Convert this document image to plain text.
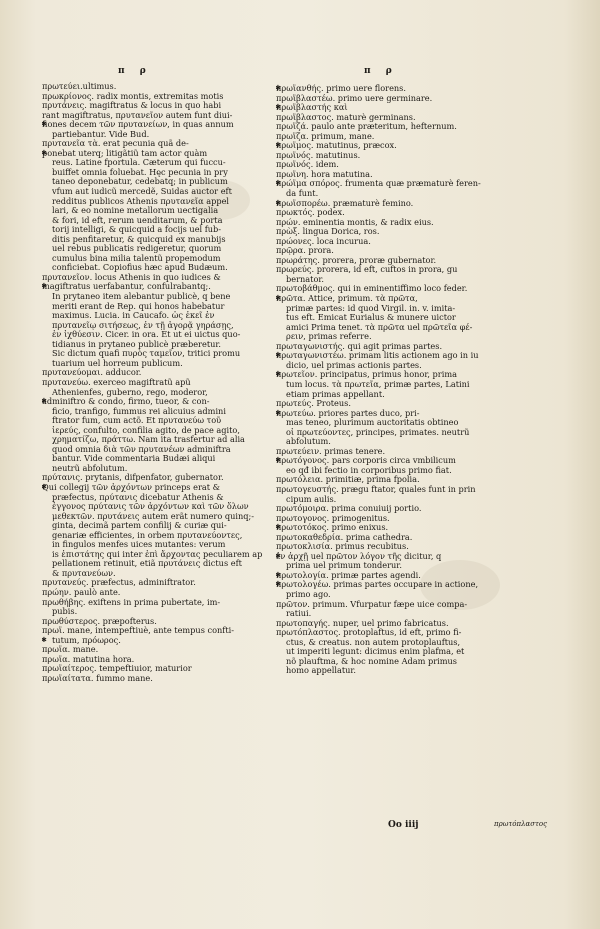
π ρ	π ρ
πρωτεύει.ultimus.
πρωκρίονος. radix montis, extremitas motis
πρυτάνεις. magiftratus & locus in quo habi
rant magiftratus, πρυτανεῖον autem funt diui-
✱ fiones decem τῶν πρυτανείων, in quas annum
partiebantur. Vide Bud.
πρυτανεῖα τὰ. erat pecunia quã de-
✱ ponebat uterq; litigãtiũ tam actor quàm
reus. Latine fportula. Cæterum qui fuccu-
buiffet omnia foluebat. Hęc pecunia in pry
taneo deponebatur, cedebatq; in publicum
vfum aut iudicũ mercedẽ, Suidas auctor eft
redditus publicos Athenis πρυτανεῖα appel
lari, & eo nomine metallorum uectigalia
& fori, id eft, rerum uenditarum, & porta
torij intelligi, & quicquid a focijs uel fub-
ditis penfitaretur, & quicquid ex manubijs
uel rebus publicatis redigeretur, quorum
cumulus bina milia talentũ propemodum
conficiebat. Copiofius hæc apud Budæum.
πρυτανεῖον. locus Athenis in quo iudices &
✱ magiftratus uerfabantur, confulrabantq;.
In prytaneo item alebantur publicè, q bene
meriti erant de Rep. qui honos habebatur
maximus. Lucia. in Caucafo. ὡς ἐκεῖ ἐν
πρυτανεῖῳ σιτήσεως, ἐν τῇ ἀγορᾷ γηράσῃς,
ἐν ἰχθύεσιν. Cicer. in ora. Et ut ei uictus quo-
tidianus in prytaneo publicè præberetur.
Sic dictum quafi πυρὸς ταμεῖον, tritici promu
tuarium uel horreum publicum.
πρυτανεύομαι. adducor.
πρυτανεύω. exerceo magiftratũ apũ
Athenienfes, guberno, rego, moderor,
✱ adminiftro & condo, firmo, tueor, & con-
ficio, tranfigo, fummus rei alicuius admini
ftrator fum, cum actõ. Et πρυτανεύω τοῦ
ἱερεύς, confulto, confilia agito, de pace agito,
χρηματίζω, πράττω. Nam ita trasfertur ad alia
quod omnia διὰ τῶν πρυτανέων adminiftra
bantur. Vide commentaria Budæi aliqui
neutrũ abfolutum.
πρύτανις. prytanis, difpenfator, gubernator.
✱ Qui collegij τῶν ἀρχόντων princeps erat &
præfectus, πρύτανις dicebatur Athenis &
ἐγγονος πρύτανις τῶν ἀρχόντων καὶ τῶν ὅλων
μεθεκτῶν. πρυτάνεις autem erãt numero quinq;-
ginta, decimã partem confilij & curiæ qui-
genariæ efficientes, in orbem πρυτανεύοντες,
in fingulos menfes uices mutantes: verum
is ἐπιστάτης qui inter ἐπὶ ἄρχοντας peculiarem ap
pellationem retinuit, etiã πρυτάνεις dictus eft
& πρυτανεύων.
πρυτανεύς. præfectus, adminiftrator.
πρώην. paulò ante.
πρωθήβης. exiftens in prima pubertate, im-
pubis.
πρωθύστερος. præpofterus.
πρωΐ. mane, intempeftiuè, ante tempus confti-
✱ tutum, πρόωρος.
πρωΐα. mane.
πρωΐα. matutina hora.
πρωϊαίτερος. tempeftiuior, maturior
πρωϊαίτατα. fummo mane.
✱ πρωϊανθής. primo uere florens.
πρωϊβλαστέω. primo uere germinare.
✱ πρωϊβλαστής καὶ
πρωϊβλαστος. maturè germinans.
πρωϊζά. paulo ante præteritum, hefternum.
πρωΐζα. primum, mane.
✱ πρωϊμος. matutinus, præcox.
πρωϊνός. matutinus.
πρωϊνός. idem.
πρωΐνη. hora matutina.
✱ πρώϊμα σπόρος. frumenta quæ præmaturè feren-
da funt.
✱ πρωϊσπορέω. præmaturè femino.
πρωκτός. podex.
πρών. eminentia montis, & radix eius.
πρὼξ. lingua Dorica, ros.
πρώονες. loca incurua.
πρῷρα. prora.
πρωράτης. prorera, proræ gubernator.
πρωρεύς. prorera, id eft, cuftos in prora, gu
bernator.
πρωτοβάθμος. qui in eminentiffimo loco feder.
✱ πρῶτα. Attice, primum. τὰ πρῶτα,
primæ partes: id quod Virgil. in. v. imita-
tus eft. Emicat Eurialus & munere uictor
amici Prima tenet. τὰ πρῶτα uel πρῶτεῖα φέ-
ρειν, primas referre.
πρωταγωνιστής. qui agit primas partes.
✱ πρωταγωνιστέω. primam litis actionem ago in iu
dicio, uel primas actionis partes.
✱ πρωτεῖον. principatus, primus honor, prima
tum locus. τὰ πρωτεῖα, primæ partes, Latini
etiam primas appellant.
πρωτεύς. Proteus.
✱ πρωτεύω. priores partes duco, pri-
mas teneo, plurimum auctoritatis obtineo
οἱ πρωτεύοντες, principes, primates. neutrũ
abfolutum.
πρωτεύειν. primas tenere.
✱ πρωτόγονος. pars corporis circa vmbilicum
eo qđ ibi fectio in corporibus primo fiat.
πρωτόλεια. primitiæ, prima fpolia.
πρωτογευστής. prægu ftator, quales funt in prin
cipum aulis.
πρωτόμοιρα. prima conuiuij portio.
πρωτογονος. primogenitus.
✱ πρωτοτόκος. primo enixus.
πρωτοκαθεδρία. prima cathedra.
πρωτοκλισία. primus recubitus.
✱ ἐν ἀρχῇ uel πρῶτον λόγον τῆς dicitur, q
prima uel primum tonderur.
✱ πρωτολογία. primæ partes agendi.
✱ πρωτολογέω. primas partes occupare in actione,
primo ago.
πρῶτον. primum. Vfurpatur fæpe uice compa-
ratiui.
πρωτοπαγής. nuper, uel primo fabricatus.
πρωτόπλαστος. protoplaftus, id eft, primo fi-
ctus, & creatus. non autem protoplauftus,
ut imperiti legunt: dicimus enim plafma, et
nõ plauftma, & hoc nomine Adam primus
homo appellatur.
Oo iiij	πρωτόπλαστος
